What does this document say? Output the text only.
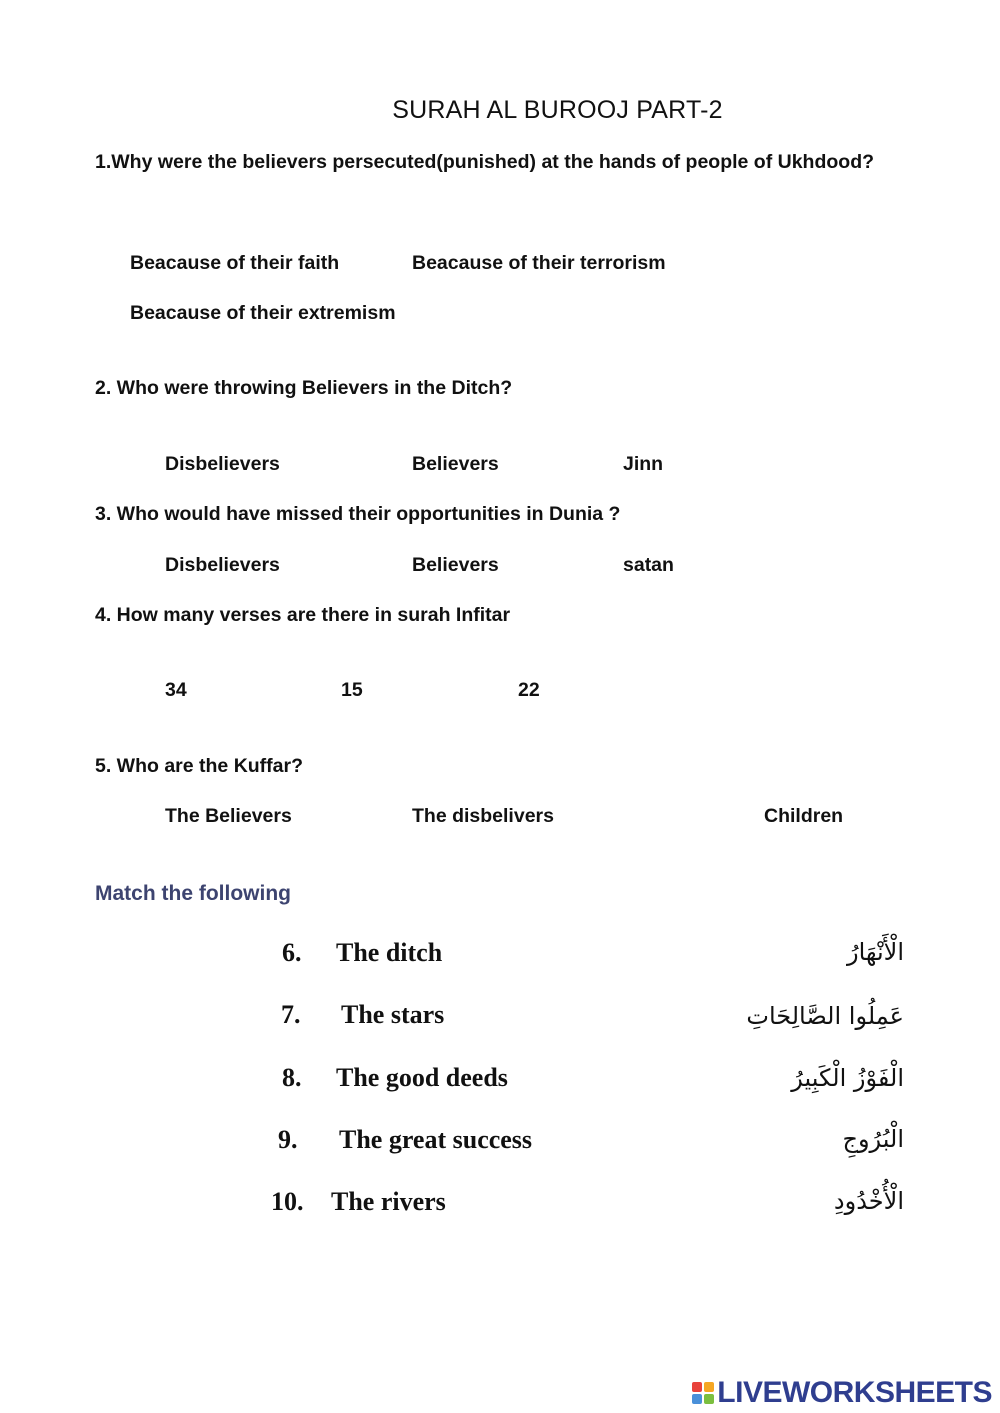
SURAH AL BUROOJ PART-2
1.Why were the believers persecuted(punished) at the hands of people of Ukhdood?
Beacause of their faith	Beacause of their terrorism
Beacause of their extremism
2. Who were throwing Believers in the Ditch?
Disbelievers	Believers	Jinn
3. Who would have missed their opportunities in Dunia ?
Disbelievers	Believers	satan
4. How many verses are there in surah Infitar
34	15	22
5. Who are the Kuffar?
The Believers	The disbelivers	Children
Match the following
6. The ditch	الْأَنْهَارُ
7. The stars	عَمِلُوا الصَّالِحَاتِ
8. The good deeds	الْفَوْزُ الْكَبِيرُ
9. The great success	الْبُرُوجِ
10. The rivers	الْأُخْدُودِ
LIVEWORKSHEETS
